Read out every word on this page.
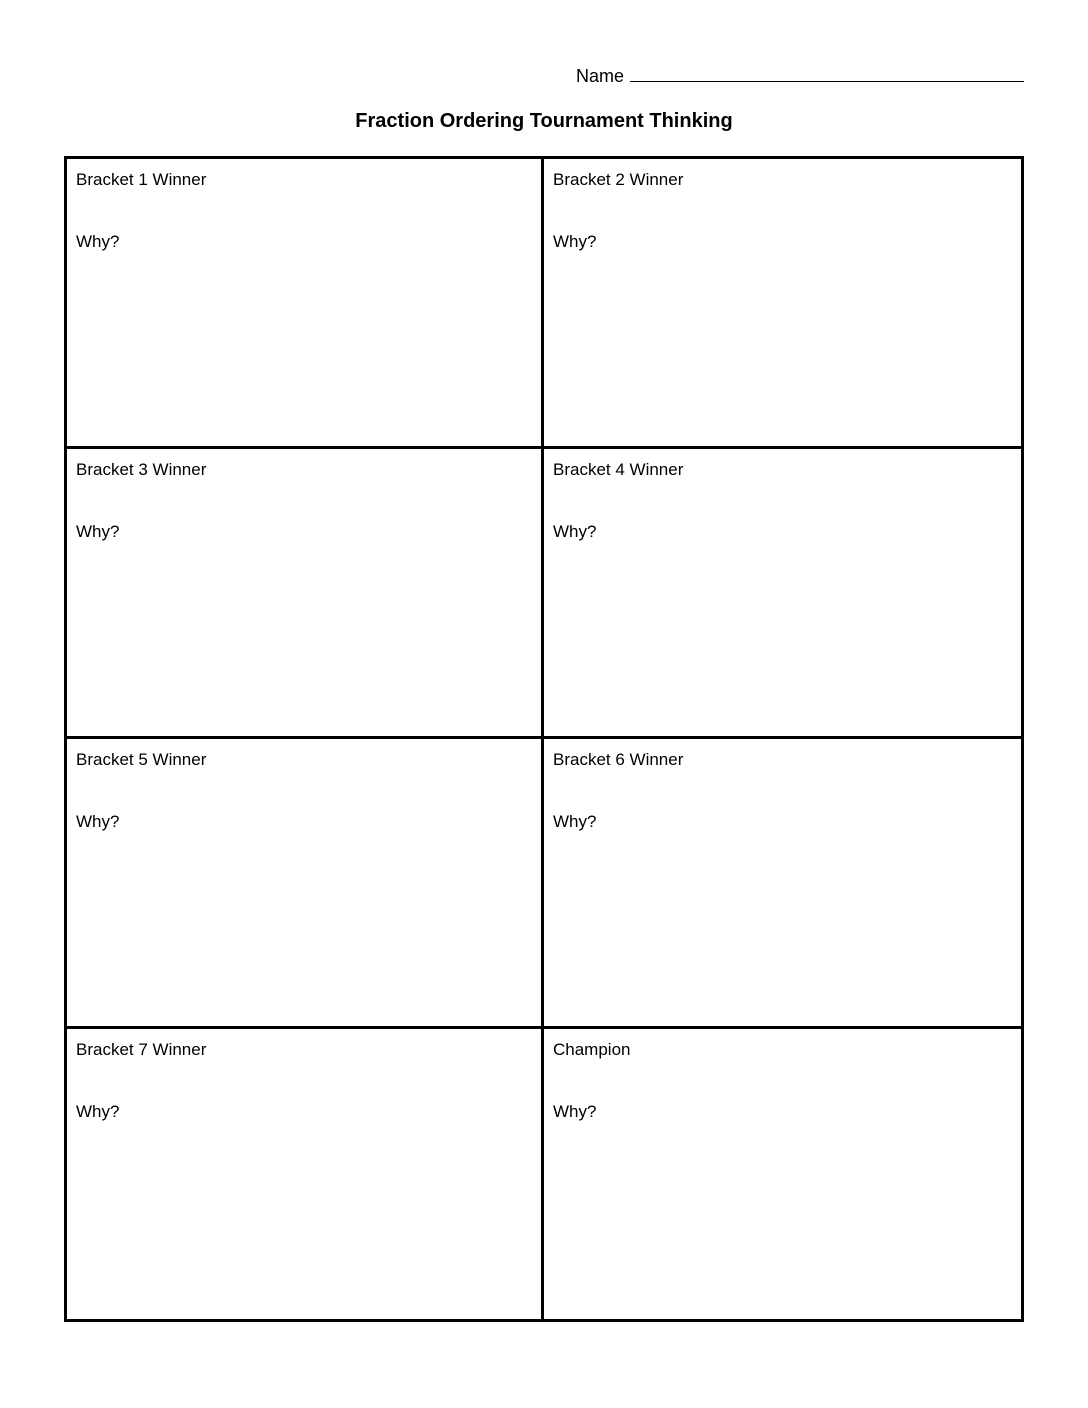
Name
Fraction Ordering Tournament Thinking
Bracket 1 Winner
Why?
Bracket 2 Winner
Why?
Bracket 3 Winner
Why?
Bracket 4 Winner
Why?
Bracket 5 Winner
Why?
Bracket 6 Winner
Why?
Bracket 7 Winner
Why?
Champion
Why?
